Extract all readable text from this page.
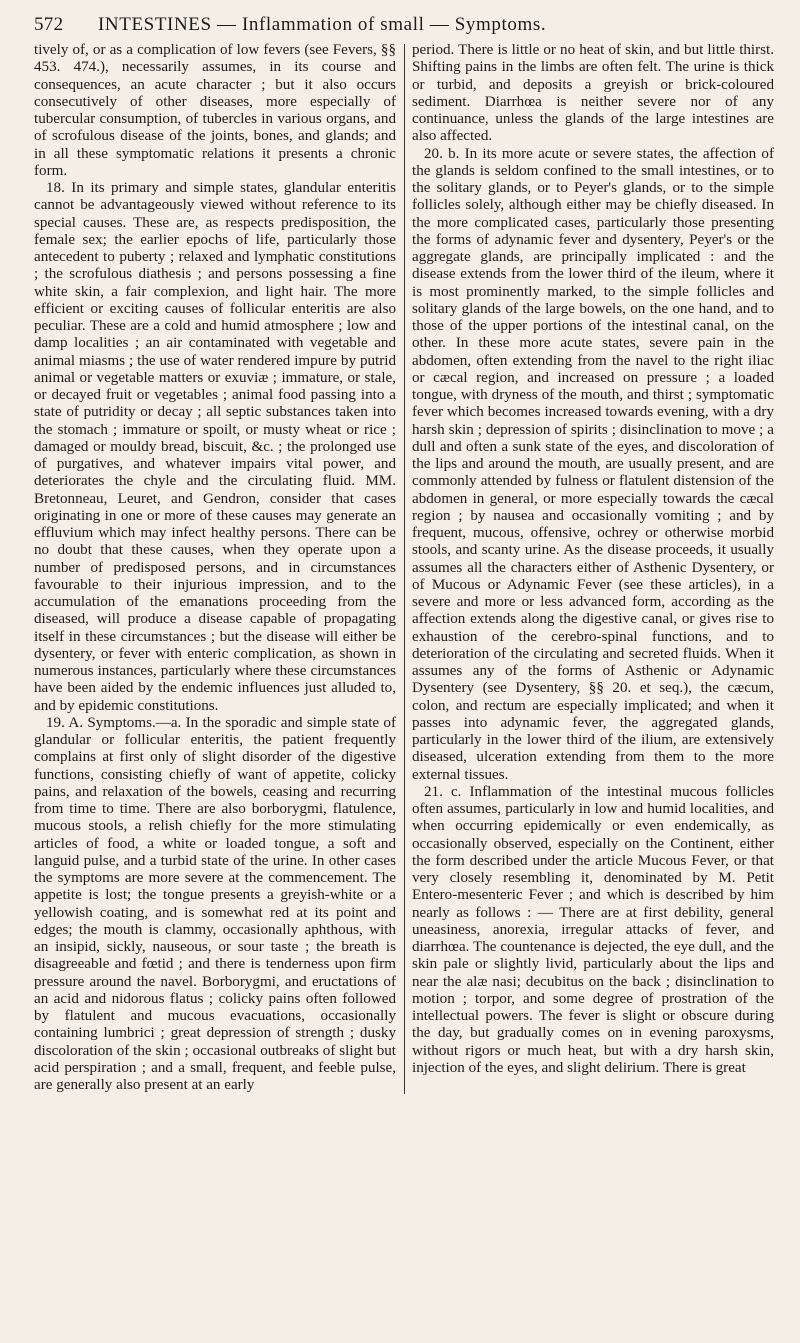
572	INTESTINES — Inflammation of small — Symptoms.

tively of, or as a complication of low fevers (see Fevers, §§ 453. 474.), necessarily assumes, in its course and consequences, an acute character ; but it also occurs consecutively of other diseases, more especially of tubercular consumption, of tubercles in various organs, and of scrofulous disease of the joints, bones, and glands; and in all these symptomatic relations it presents a chronic form.

18. In its primary and simple states, glandular enteritis cannot be advantageously viewed without reference to its special causes. These are, as respects predisposition, the female sex; the earlier epochs of life, particularly those antecedent to puberty ; relaxed and lymphatic constitutions ; the scrofulous diathesis ; and persons possessing a fine white skin, a fair complexion, and light hair. The more efficient or exciting causes of follicular enteritis are also peculiar. These are a cold and humid atmosphere ; low and damp localities ; an air contaminated with vegetable and animal miasms ; the use of water rendered impure by putrid animal or vegetable matters or exuviæ ; immature, or stale, or decayed fruit or vegetables ; animal food passing into a state of putridity or decay ; all septic substances taken into the stomach ; immature or spoilt, or musty wheat or rice ; damaged or mouldy bread, biscuit, &c. ; the prolonged use of purgatives, and whatever impairs vital power, and deteriorates the chyle and the circulating fluid. MM. Bretonneau, Leuret, and Gendron, consider that cases originating in one or more of these causes may generate an effluvium which may infect healthy persons. There can be no doubt that these causes, when they operate upon a number of predisposed persons, and in circumstances favourable to their injurious impression, and to the accumulation of the emanations proceeding from the diseased, will produce a disease capable of propagating itself in these circumstances ; but the disease will either be dysentery, or fever with enteric complication, as shown in numerous instances, particularly where these circumstances have been aided by the endemic influences just alluded to, and by epidemic constitutions.

19. A. Symptoms.—a. In the sporadic and simple state of glandular or follicular enteritis, the patient frequently complains at first only of slight disorder of the digestive functions, consisting chiefly of want of appetite, colicky pains, and relaxation of the bowels, ceasing and recurring from time to time. There are also borborygmi, flatulence, mucous stools, a relish chiefly for the more stimulating articles of food, a white or loaded tongue, a soft and languid pulse, and a turbid state of the urine. In other cases the symptoms are more severe at the commencement. The appetite is lost; the tongue presents a greyish-white or a yellowish coating, and is somewhat red at its point and edges; the mouth is clammy, occasionally aphthous, with an insipid, sickly, nauseous, or sour taste ; the breath is disagreeable and fœtid ; and there is tenderness upon firm pressure around the navel. Borborygmi, and eructations of an acid and nidorous flatus ; colicky pains often followed by flatulent and mucous evacuations, occasionally containing lumbrici ; great depression of strength ; dusky discoloration of the skin ; occasional outbreaks of slight but acid perspiration ; and a small, frequent, and feeble pulse, are generally also present at an early

period. There is little or no heat of skin, and but little thirst. Shifting pains in the limbs are often felt. The urine is thick or turbid, and deposits a greyish or brick-coloured sediment. Diarrhœa is neither severe nor of any continuance, unless the glands of the large intestines are also affected.

20. b. In its more acute or severe states, the affection of the glands is seldom confined to the small intestines, or to the solitary glands, or to Peyer's glands, or to the simple follicles solely, although either may be chiefly diseased. In the more complicated cases, particularly those presenting the forms of adynamic fever and dysentery, Peyer's or the aggregate glands, are principally implicated : and the disease extends from the lower third of the ileum, where it is most prominently marked, to the simple follicles and solitary glands of the large bowels, on the one hand, and to those of the upper portions of the intestinal canal, on the other. In these more acute states, severe pain in the abdomen, often extending from the navel to the right iliac or cæcal region, and increased on pressure ; a loaded tongue, with dryness of the mouth, and thirst ; symptomatic fever which becomes increased towards evening, with a dry harsh skin ; depression of spirits ; disinclination to move ; a dull and often a sunk state of the eyes, and discoloration of the lips and around the mouth, are usually present, and are commonly attended by fulness or flatulent distension of the abdomen in general, or more especially towards the cæcal region ; by nausea and occasionally vomiting ; and by frequent, mucous, offensive, ochrey or otherwise morbid stools, and scanty urine. As the disease proceeds, it usually assumes all the characters either of Asthenic Dysentery, or of Mucous or Adynamic Fever (see these articles), in a severe and more or less advanced form, according as the affection extends along the digestive canal, or gives rise to exhaustion of the cerebro-spinal functions, and to deterioration of the circulating and secreted fluids. When it assumes any of the forms of Asthenic or Adynamic Dysentery (see Dysentery, §§ 20. et seq.), the cæcum, colon, and rectum are especially implicated; and when it passes into adynamic fever, the aggregated glands, particularly in the lower third of the ilium, are extensively diseased, ulceration extending from them to the more external tissues.

21. c. Inflammation of the intestinal mucous follicles often assumes, particularly in low and humid localities, and when occurring epidemically or even endemically, as occasionally observed, especially on the Continent, either the form described under the article Mucous Fever, or that very closely resembling it, denominated by M. Petit Entero-mesenteric Fever ; and which is described by him nearly as follows : — There are at first debility, general uneasiness, anorexia, irregular attacks of fever, and diarrhœa. The countenance is dejected, the eye dull, and the skin pale or slightly livid, particularly about the lips and near the alæ nasi; decubitus on the back ; disinclination to motion ; torpor, and some degree of prostration of the intellectual powers. The fever is slight or obscure during the day, but gradually comes on in evening paroxysms, without rigors or much heat, but with a dry harsh skin, injection of the eyes, and slight delirium. There is great
